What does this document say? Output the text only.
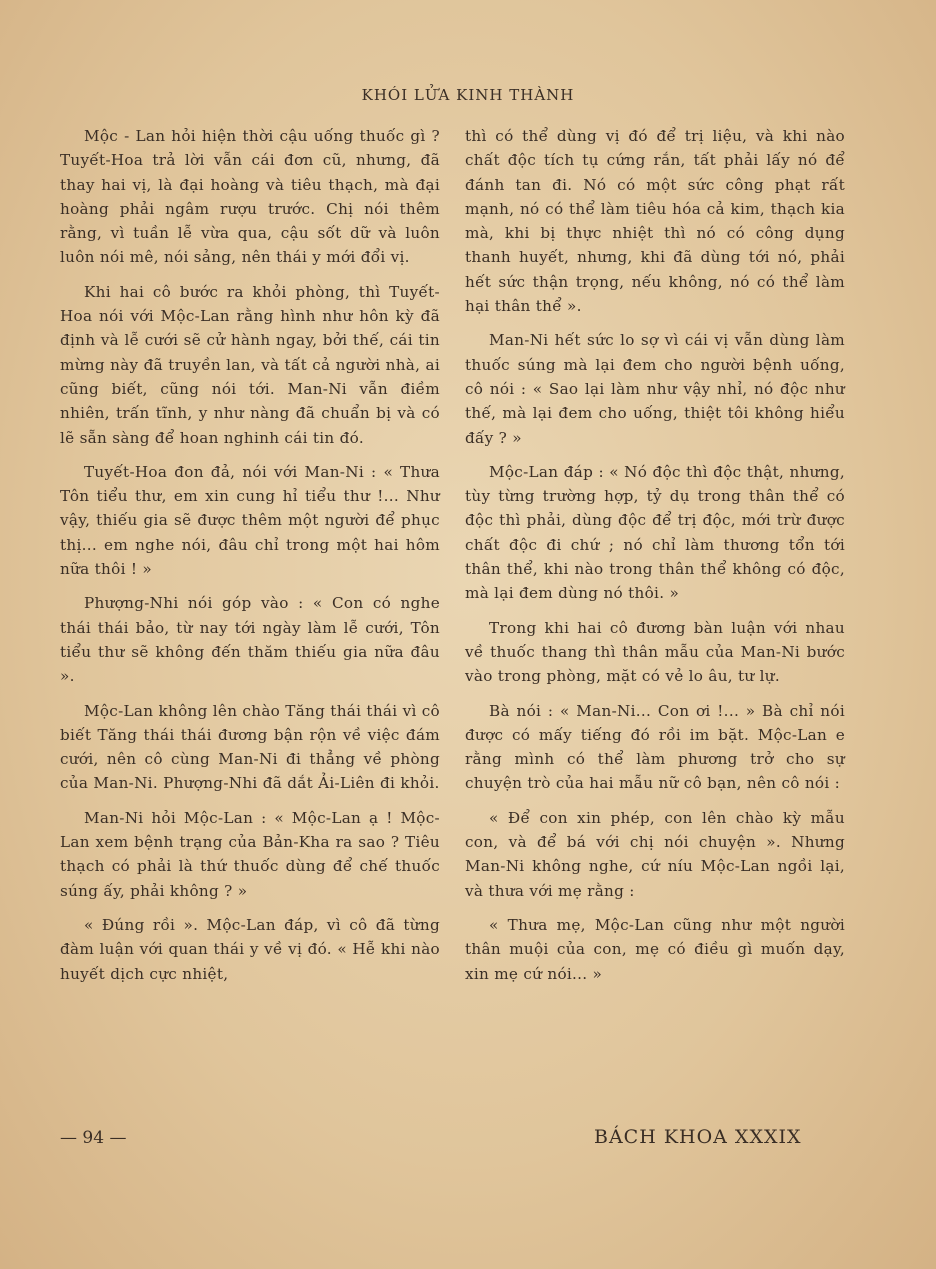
KHÓI LỬA KINH THÀNH

Mộc - Lan hỏi hiện thời cậu uống thuốc gì ? Tuyết-Hoa trả lời vẫn cái đơn cũ, nhưng, đã thay hai vị, là đại hoàng và tiêu thạch, mà đại hoàng phải ngâm rượu trước. Chị nói thêm rằng, vì tuần lễ vừa qua, cậu sốt dữ và luôn luôn nói mê, nói sảng, nên thái y mới đổi vị.

Khi hai cô bước ra khỏi phòng, thì Tuyết-Hoa nói với Mộc-Lan rằng hình như hôn kỳ đã định và lễ cưới sẽ cử hành ngay, bởi thế, cái tin mừng này đã truyền lan, và tất cả người nhà, ai cũng biết, cũng nói tới. Man-Ni vẫn điềm nhiên, trấn tĩnh, y như nàng đã chuẩn bị và có lẽ sẵn sàng để hoan nghinh cái tin đó.

Tuyết-Hoa đon đả, nói với Man-Ni : « Thưa Tôn tiểu thư, em xin cung hỉ tiểu thư !... Như vậy, thiếu gia sẽ được thêm một người để phục thị... em nghe nói, đâu chỉ trong một hai hôm nữa thôi ! »

Phượng-Nhi nói góp vào : « Con có nghe thái thái bảo, từ nay tới ngày làm lễ cưới, Tôn tiểu thư sẽ không đến thăm thiếu gia nữa đâu ».

Mộc-Lan không lên chào Tăng thái thái vì cô biết Tăng thái thái đương bận rộn về việc đám cưới, nên cô cùng Man-Ni đi thẳng về phòng của Man-Ni. Phượng-Nhi đã dắt Ải-Liên đi khỏi.

Man-Ni hỏi Mộc-Lan : « Mộc-Lan ạ ! Mộc-Lan xem bệnh trạng của Bản-Kha ra sao ? Tiêu thạch có phải là thứ thuốc dùng để chế thuốc súng ấy, phải không ? »

« Đúng rồi ». Mộc-Lan đáp, vì cô đã từng đàm luận với quan thái y về vị đó. « Hễ khi nào huyết dịch cực nhiệt,

thì có thể dùng vị đó để trị liệu, và khi nào chất độc tích tụ cứng rắn, tất phải lấy nó để đánh tan đi. Nó có một sức công phạt rất mạnh, nó có thể làm tiêu hóa cả kim, thạch kia mà, khi bị thực nhiệt thì nó có công dụng thanh huyết, nhưng, khi đã dùng tới nó, phải hết sức thận trọng, nếu không, nó có thể làm hại thân thể ».

Man-Ni hết sức lo sợ vì cái vị vẫn dùng làm thuốc súng mà lại đem cho người bệnh uống, cô nói : « Sao lại làm như vậy nhỉ, nó độc như thế, mà lại đem cho uống, thiệt tôi không hiểu đấy ? »

Mộc-Lan đáp : « Nó độc thì độc thật, nhưng, tùy từng trường hợp, tỷ dụ trong thân thể có độc thì phải, dùng độc để trị độc, mới trừ được chất độc đi chứ ; nó chỉ làm thương tổn tới thân thể, khi nào trong thân thể không có độc, mà lại đem dùng nó thôi. »

Trong khi hai cô đương bàn luận với nhau về thuốc thang thì thân mẫu của Man-Ni bước vào trong phòng, mặt có vẻ lo âu, tư lự.

Bà nói : « Man-Ni... Con ơi !... » Bà chỉ nói được có mấy tiếng đó rồi im bặt. Mộc-Lan e rằng mình có thể làm phương trở cho sự chuyện trò của hai mẫu nữ cô bạn, nên cô nói :

« Để con xin phép, con lên chào kỳ mẫu con, và để bá với chị nói chuyện ». Nhưng Man-Ni không nghe, cứ níu Mộc-Lan ngồi lại, và thưa với mẹ rằng :

« Thưa mẹ, Mộc-Lan cũng như một người thân muội của con, mẹ có điều gì muốn dạy, xin mẹ cứ nói... »

— 94 —	BÁCH KHOA XXXIX
